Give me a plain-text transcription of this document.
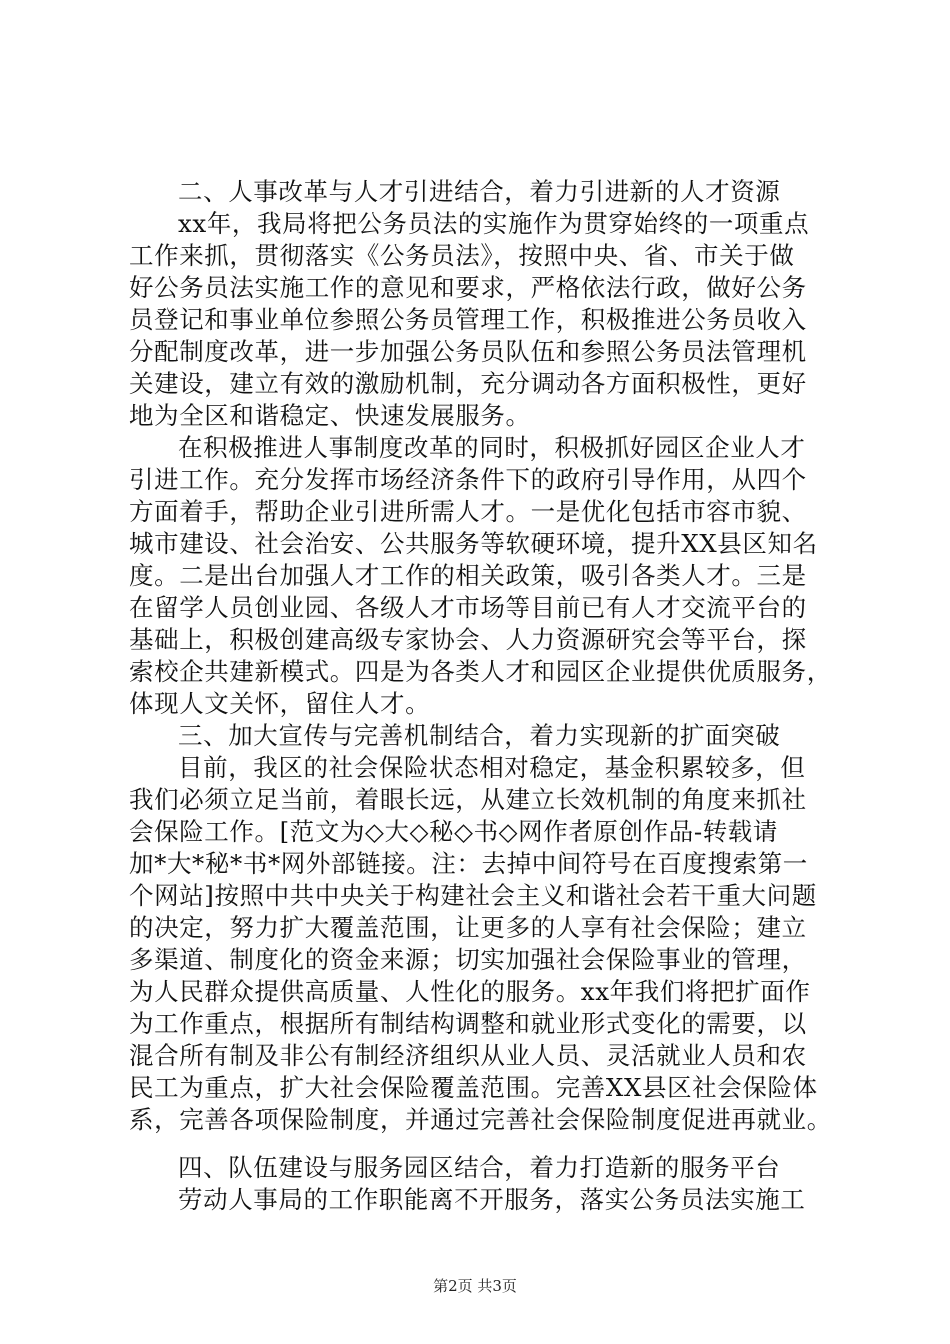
二、人事改革与人才引进结合，着力引进新的人才资源
xx年，我局将把公务员法的实施作为贯穿始终的一项重点
工作来抓，贯彻落实《公务员法》，按照中央、省、市关于做
好公务员法实施工作的意见和要求，严格依法行政，做好公务
员登记和事业单位参照公务员管理工作，积极推进公务员收入
分配制度改革，进一步加强公务员队伍和参照公务员法管理机
关建设，建立有效的激励机制，充分调动各方面积极性，更好
地为全区和谐稳定、快速发展服务。
在积极推进人事制度改革的同时，积极抓好园区企业人才
引进工作。充分发挥市场经济条件下的政府引导作用，从四个
方面着手，帮助企业引进所需人才。一是优化包括市容市貌、
城市建设、社会治安、公共服务等软硬环境，提升XX县区知名
度。二是出台加强人才工作的相关政策，吸引各类人才。三是
在留学人员创业园、各级人才市场等目前已有人才交流平台的
基础上，积极创建高级专家协会、人力资源研究会等平台，探
索校企共建新模式。四是为各类人才和园区企业提供优质服务，
体现人文关怀，留住人才。
三、加大宣传与完善机制结合，着力实现新的扩面突破
目前，我区的社会保险状态相对稳定，基金积累较多，但
我们必须立足当前，着眼长远，从建立长效机制的角度来抓社
会保险工作。[范文为◇大◇秘◇书◇网作者原创作品-转载请
加*大*秘*书*网外部链接。注：去掉中间符号在百度搜索第一
个网站]按照中共中央关于构建社会主义和谐社会若干重大问题
的决定，努力扩大覆盖范围，让更多的人享有社会保险；建立
多渠道、制度化的资金来源；切实加强社会保险事业的管理，
为人民群众提供高质量、人性化的服务。xx年我们将把扩面作
为工作重点，根据所有制结构调整和就业形式变化的需要，以
混合所有制及非公有制经济组织从业人员、灵活就业人员和农
民工为重点，扩大社会保险覆盖范围。完善XX县区社会保险体
系，完善各项保险制度，并通过完善社会保险制度促进再就业。
四、队伍建设与服务园区结合，着力打造新的服务平台
劳动人事局的工作职能离不开服务，落实公务员法实施工
第2页 共3页
